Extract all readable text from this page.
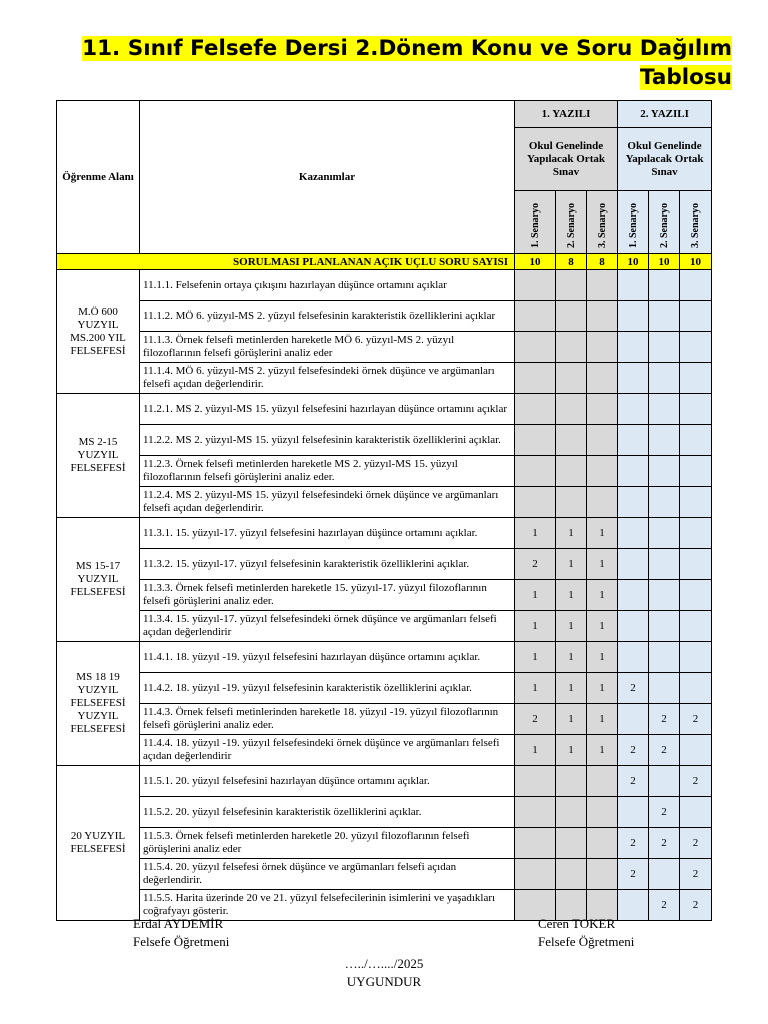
11. Sınıf Felsefe Dersi 2.Dönem Konu ve Soru Dağılım
Tablosu
Öğrenme Alanı	Kazanımlar	1. YAZILI			2. YAZILI		
		Okul Genelinde Yapılacak Ortak Sınav			Okul Genelinde Yapılacak Ortak Sınav		
		1. Senaryo	2. Senaryo	3. Senaryo	1. Senaryo	2. Senaryo	3. Senaryo
SORULMASI PLANLANAN AÇIK UÇLU SORU SAYISI		10	8	8	10	10	10
M.Ö 600 YUZYIL MS.200 YIL FELSEFESİ	11.1.1. Felsefenin ortaya çıkışını hazırlayan düşünce ortamını açıklar						
	11.1.2. MÖ 6. yüzyıl-MS 2. yüzyıl felsefesinin karakteristik özelliklerini açıklar						
	11.1.3. Örnek felsefi metinlerden hareketle MÖ 6. yüzyıl-MS 2. yüzyıl filozoflarının felsefi görüşlerini analiz eder						
	11.1.4. MÖ 6. yüzyıl-MS 2. yüzyıl felsefesindeki örnek düşünce ve argümanları felsefi açıdan değerlendirir.						
MS 2-15 YUZYIL FELSEFESİ	11.2.1. MS 2. yüzyıl-MS 15. yüzyıl felsefesini hazırlayan düşünce ortamını açıklar						
	11.2.2. MS 2. yüzyıl-MS 15. yüzyıl felsefesinin karakteristik özelliklerini açıklar.						
	11.2.3. Örnek felsefi metinlerden hareketle MS 2. yüzyıl-MS 15. yüzyıl filozoflarının felsefi görüşlerini analiz eder.						
	11.2.4. MS 2. yüzyıl-MS 15. yüzyıl felsefesindeki örnek düşünce ve argümanları felsefi açıdan değerlendirir.						
MS 15-17 YUZYIL FELSEFESİ	11.3.1. 15. yüzyıl-17. yüzyıl felsefesini hazırlayan düşünce ortamını açıklar.	1	1	1			
	11.3.2. 15. yüzyıl-17. yüzyıl felsefesinin karakteristik özelliklerini açıklar.	2	1	1			
	11.3.3. Örnek felsefi metinlerden hareketle 15. yüzyıl-17. yüzyıl filozoflarının felsefi görüşlerini analiz eder.	1	1	1			
	11.3.4. 15. yüzyıl-17. yüzyıl felsefesindeki örnek düşünce ve argümanları felsefi açıdan değerlendirir	1	1	1			
MS 18 19 YUZYIL FELSEFESİ YUZYIL FELSEFESİ	11.4.1. 18. yüzyıl -19. yüzyıl felsefesini hazırlayan düşünce ortamını açıklar.	1	1	1			
	11.4.2. 18. yüzyıl -19. yüzyıl felsefesinin karakteristik özelliklerini açıklar.	1	1	1	2		
	11.4.3. Örnek felsefi metinlerinden hareketle 18. yüzyıl -19. yüzyıl filozoflarının felsefi görüşlerini analiz eder.	2	1	1		2	2
	11.4.4. 18. yüzyıl -19. yüzyıl felsefesindeki örnek düşünce ve argümanları felsefi açıdan değerlendirir	1	1	1	2	2	
20 YUZYIL FELSEFESİ	11.5.1. 20. yüzyıl felsefesini hazırlayan düşünce ortamını açıklar.				2		2
	11.5.2. 20. yüzyıl felsefesinin karakteristik özelliklerini açıklar.					2	
	11.5.3. Örnek felsefi metinlerden hareketle 20. yüzyıl filozoflarının felsefi görüşlerini analiz eder				2	2	2
	11.5.4. 20. yüzyıl felsefesi örnek düşünce ve argümanları felsefi açıdan değerlendirir.				2		2
	11.5.5. Harita üzerinde 20 ve 21. yüzyıl felsefecilerinin isimlerini ve yaşadıkları coğrafyayı gösterir.					2	2
Erdal AYDEMİR
Felsefe Öğretmeni
Ceren TOKER
Felsefe Öğretmeni
…../…..../2025
UYGUNDUR
